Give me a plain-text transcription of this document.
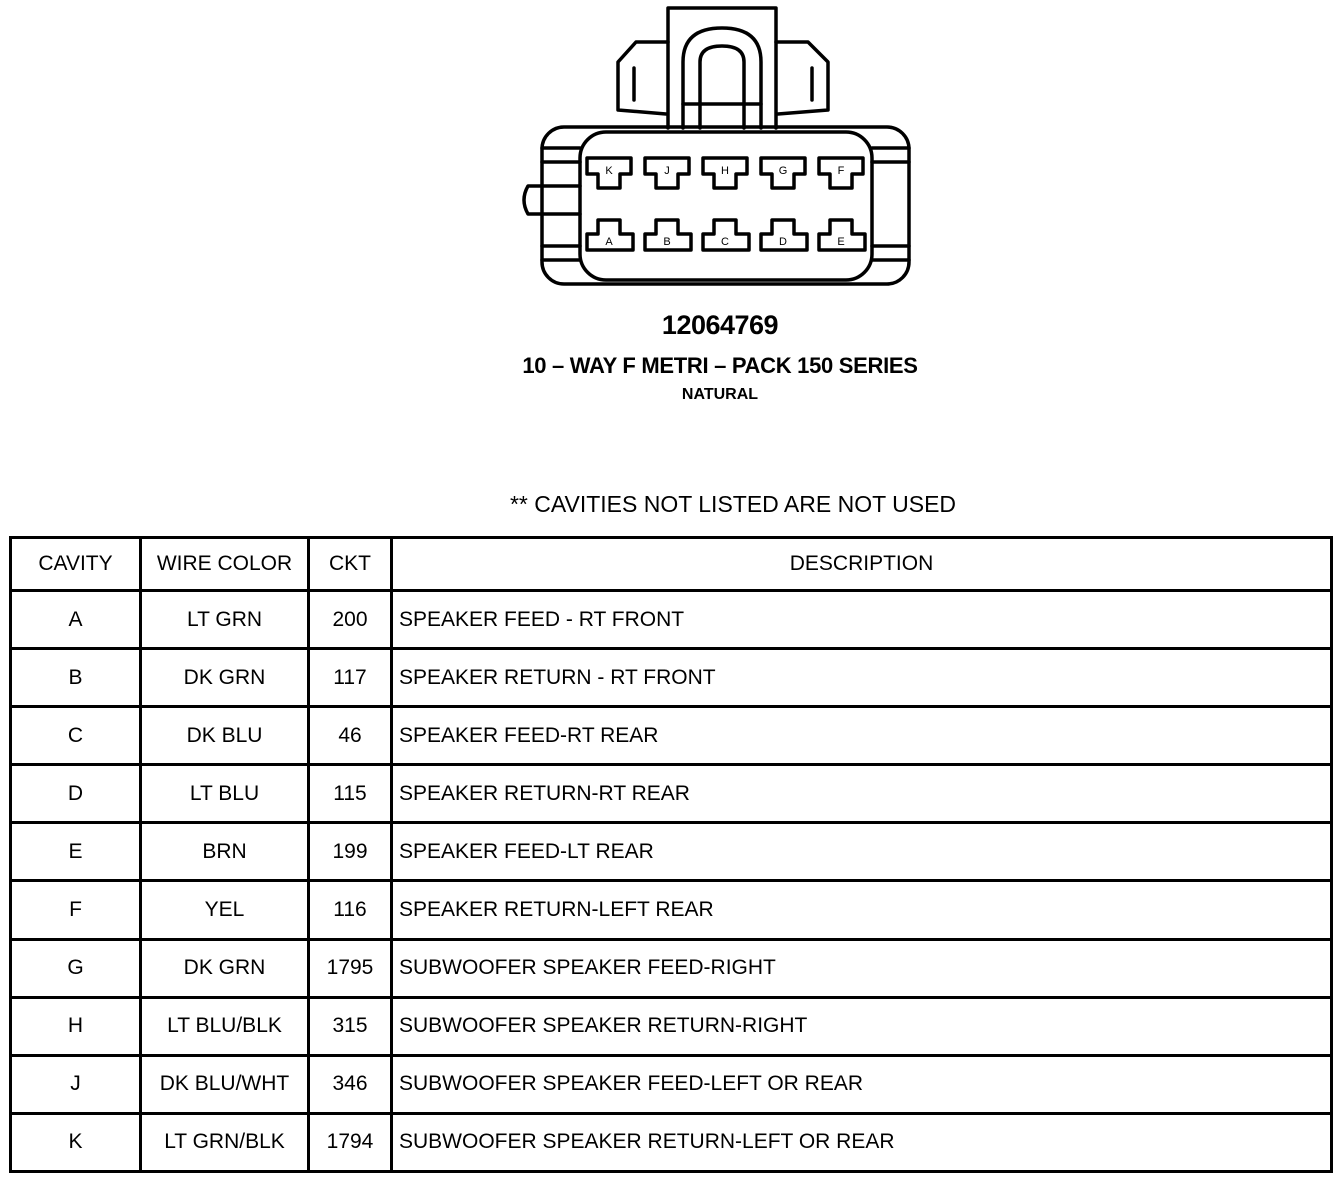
K	J	H	G	F
A	B	C	D	E
12064769
10 – WAY F METRI – PACK 150 SERIES
NATURAL
** CAVITIES NOT LISTED ARE NOT USED
CAVITY	WIRE COLOR	CKT	DESCRIPTION
A	LT GRN	200	SPEAKER FEED - RT FRONT
B	DK GRN	117	SPEAKER RETURN - RT FRONT
C	DK BLU	46	SPEAKER FEED-RT REAR
D	LT BLU	115	SPEAKER RETURN-RT REAR
E	BRN	199	SPEAKER FEED-LT REAR
F	YEL	116	SPEAKER RETURN-LEFT REAR
G	DK GRN	1795	SUBWOOFER SPEAKER FEED-RIGHT
H	LT BLU/BLK	315	SUBWOOFER SPEAKER RETURN-RIGHT
J	DK BLU/WHT	346	SUBWOOFER SPEAKER FEED-LEFT OR REAR
K	LT GRN/BLK	1794	SUBWOOFER SPEAKER RETURN-LEFT OR REAR
